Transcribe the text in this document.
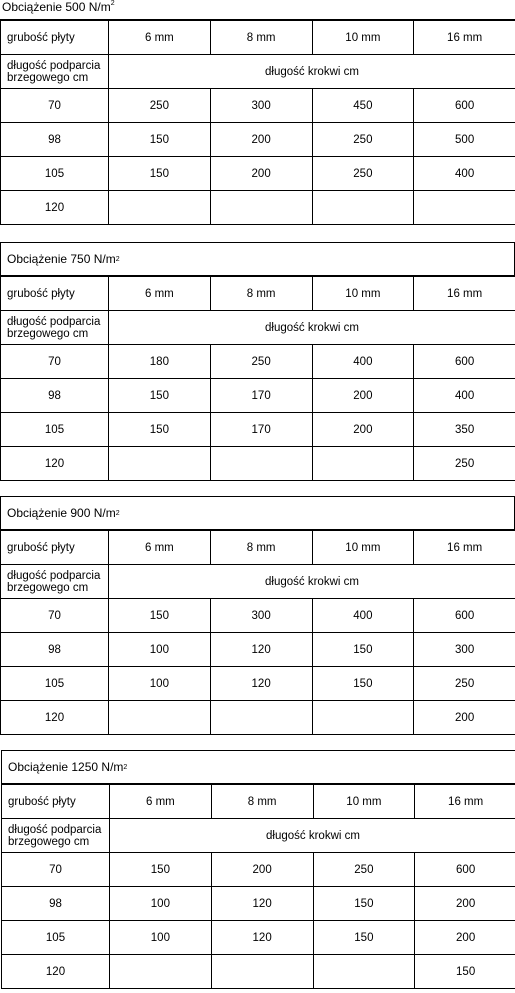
Obciążenie 500 $N/m^2$
grubość płyty	6 mm	8 mm	10 mm	16 mm
długość podparcia
brzegowego cm	długość krokwi cm			
70	250	300	450	600
98	150	200	250	500
105	150	200	250	400
120				
Obciążenie 750 N/m 2
grubość płyty	6 mm	8 mm	10 mm	16 mm
długość podparcia
brzegowego cm	długość krokwi cm			
70	180	250	400	600
98	150	170	200	400
105	150	170	200	350
120				250
Obciążenie 900 N/m 2
grubość płyty	6 mm	8 mm	10 mm	16 mm
długość podparcia
brzegowego cm	długość krokwi cm			
70	150	300	400	600
98	100	120	150	300
105	100	120	150	250
120				200
Obciążenie 1250 N/m 2
grubość płyty	6 mm	8 mm	10 mm	16 mm
długość podparcia
brzegowego cm	długość krokwi cm			
70	150	200	250	600
98	100	120	150	200
105	100	120	150	200
120				150
